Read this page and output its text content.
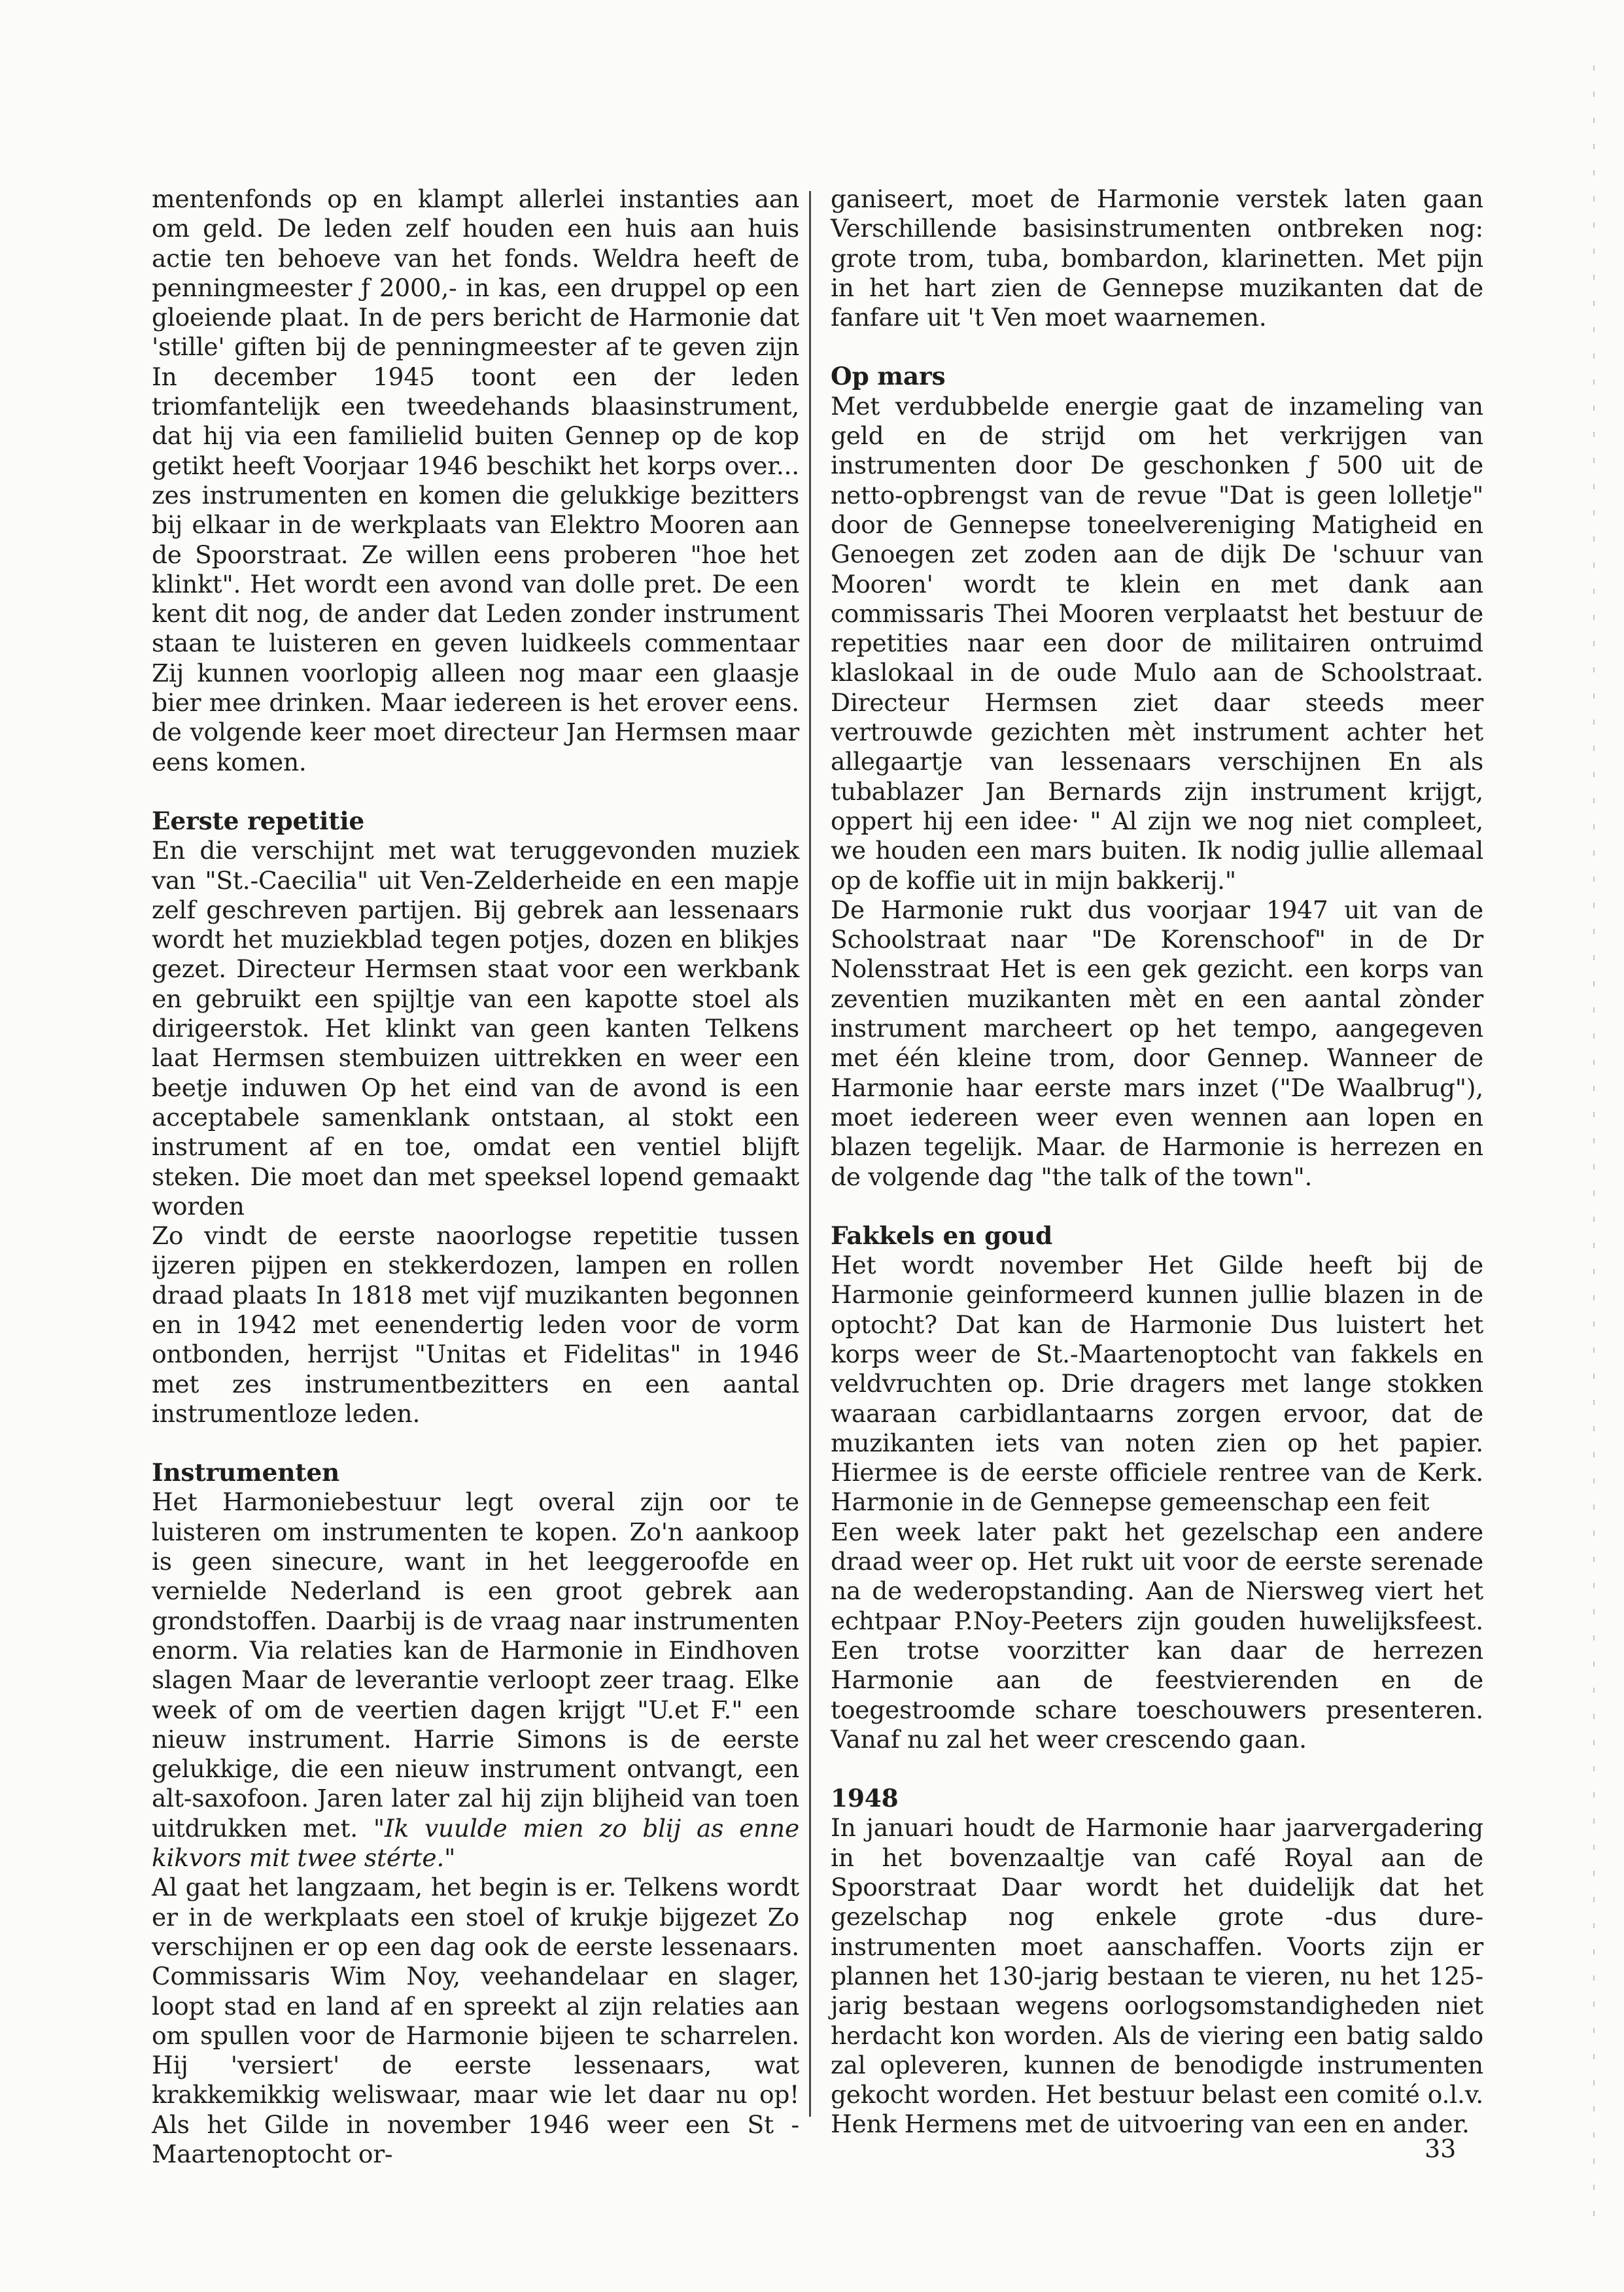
mentenfonds op en klampt allerlei instanties aan om geld. De leden zelf houden een huis aan huis actie ten behoeve van het fonds. Weldra heeft de penningmeester ƒ 2000,- in kas, een druppel op een gloeiende plaat. In de pers bericht de Harmonie dat 'stille' giften bij de penningmeester af te geven zijn In december 1945 toont een der leden triomfantelijk een tweedehands blaasinstrument, dat hij via een familielid buiten Gennep op de kop getikt heeft Voorjaar 1946 beschikt het korps over... zes instrumenten en komen die gelukkige bezitters bij elkaar in de werkplaats van Elektro Mooren aan de Spoorstraat. Ze willen eens proberen "hoe het klinkt". Het wordt een avond van dolle pret. De een kent dit nog, de ander dat Leden zonder instrument staan te luisteren en geven luidkeels commentaar Zij kunnen voorlopig alleen nog maar een glaasje bier mee drinken. Maar iedereen is het erover eens. de volgende keer moet directeur Jan Hermsen maar eens komen.

Eerste repetitie

En die verschijnt met wat teruggevonden muziek van "St.-Caecilia" uit Ven-Zelderheide en een mapje zelf geschreven partijen. Bij gebrek aan lessenaars wordt het muziekblad tegen potjes, dozen en blikjes gezet. Directeur Hermsen staat voor een werkbank en gebruikt een spijltje van een kapotte stoel als dirigeerstok. Het klinkt van geen kanten Telkens laat Hermsen stembuizen uittrekken en weer een beetje induwen Op het eind van de avond is een acceptabele samenklank ontstaan, al stokt een instrument af en toe, omdat een ventiel blijft steken. Die moet dan met speeksel lopend gemaakt worden

Zo vindt de eerste naoorlogse repetitie tussen ijzeren pijpen en stekkerdozen, lampen en rollen draad plaats In 1818 met vijf muzikanten begonnen en in 1942 met eenendertig leden voor de vorm ontbonden, herrijst "Unitas et Fidelitas" in 1946 met zes instrumentbezitters en een aantal instrumentloze leden.

Instrumenten

Het Harmoniebestuur legt overal zijn oor te luisteren om instrumenten te kopen. Zo'n aankoop is geen sinecure, want in het leeggeroofde en vernielde Nederland is een groot gebrek aan grondstoffen. Daarbij is de vraag naar instrumenten enorm. Via relaties kan de Harmonie in Eindhoven slagen Maar de leverantie verloopt zeer traag. Elke week of om de veertien dagen krijgt "U.et F." een nieuw instrument. Harrie Simons is de eerste gelukkige, die een nieuw instrument ontvangt, een alt-saxofoon. Jaren later zal hij zijn blijheid van toen uitdrukken met. "Ik vuulde mien zo blij as enne kikvors mit twee stérte."

Al gaat het langzaam, het begin is er. Telkens wordt er in de werkplaats een stoel of krukje bijgezet Zo verschijnen er op een dag ook de eerste lessenaars. Commissaris Wim Noy, veehandelaar en slager, loopt stad en land af en spreekt al zijn relaties aan om spullen voor de Harmonie bijeen te scharrelen. Hij 'versiert' de eerste lessenaars, wat krakkemikkig weliswaar, maar wie let daar nu op! Als het Gilde in november 1946 weer een St -Maartenoptocht or-

ganiseert, moet de Harmonie verstek laten gaan Verschillende basisinstrumenten ontbreken nog: grote trom, tuba, bombardon, klarinetten. Met pijn in het hart zien de Gennepse muzikanten dat de fanfare uit 't Ven moet waarnemen.

Op mars

Met verdubbelde energie gaat de inzameling van geld en de strijd om het verkrijgen van instrumenten door De geschonken ƒ 500 uit de netto-opbrengst van de revue "Dat is geen lolletje" door de Gennepse toneelvereniging Matigheid en Genoegen zet zoden aan de dijk De 'schuur van Mooren' wordt te klein en met dank aan commissaris Thei Mooren verplaatst het bestuur de repetities naar een door de militairen ontruimd klaslokaal in de oude Mulo aan de Schoolstraat. Directeur Hermsen ziet daar steeds meer vertrouwde gezichten mèt instrument achter het allegaartje van lessenaars verschijnen En als tubablazer Jan Bernards zijn instrument krijgt, oppert hij een idee· " Al zijn we nog niet compleet, we houden een mars buiten. Ik nodig jullie allemaal op de koffie uit in mijn bakkerij."

De Harmonie rukt dus voorjaar 1947 uit van de Schoolstraat naar "De Korenschoof" in de Dr Nolensstraat Het is een gek gezicht. een korps van zeventien muzikanten mèt en een aantal zònder instrument marcheert op het tempo, aangegeven met één kleine trom, door Gennep. Wanneer de Harmonie haar eerste mars inzet ("De Waalbrug"), moet iedereen weer even wennen aan lopen en blazen tegelijk. Maar. de Harmonie is herrezen en de volgende dag "the talk of the town".

Fakkels en goud

Het wordt november Het Gilde heeft bij de Harmonie geinformeerd kunnen jullie blazen in de optocht? Dat kan de Harmonie Dus luistert het korps weer de St.-Maartenoptocht van fakkels en veldvruchten op. Drie dragers met lange stokken waaraan carbidlantaarns zorgen ervoor, dat de muzikanten iets van noten zien op het papier. Hiermee is de eerste officiele rentree van de Kerk. Harmonie in de Gennepse gemeenschap een feit

Een week later pakt het gezelschap een andere draad weer op. Het rukt uit voor de eerste serenade na de wederopstanding. Aan de Niersweg viert het echtpaar P.Noy-Peeters zijn gouden huwelijksfeest. Een trotse voorzitter kan daar de herrezen Harmonie aan de feestvierenden en de toegestroomde schare toeschouwers presenteren. Vanaf nu zal het weer crescendo gaan.

1948

In januari houdt de Harmonie haar jaarvergadering in het bovenzaaltje van café Royal aan de Spoorstraat Daar wordt het duidelijk dat het gezelschap nog enkele grote -dus dure- instrumenten moet aanschaffen. Voorts zijn er plannen het 130-jarig bestaan te vieren, nu het 125-jarig bestaan wegens oorlogsomstandigheden niet herdacht kon worden. Als de viering een batig saldo zal opleveren, kunnen de benodigde instrumenten gekocht worden. Het bestuur belast een comité o.l.v. Henk Hermens met de uitvoering van een en ander.

33
